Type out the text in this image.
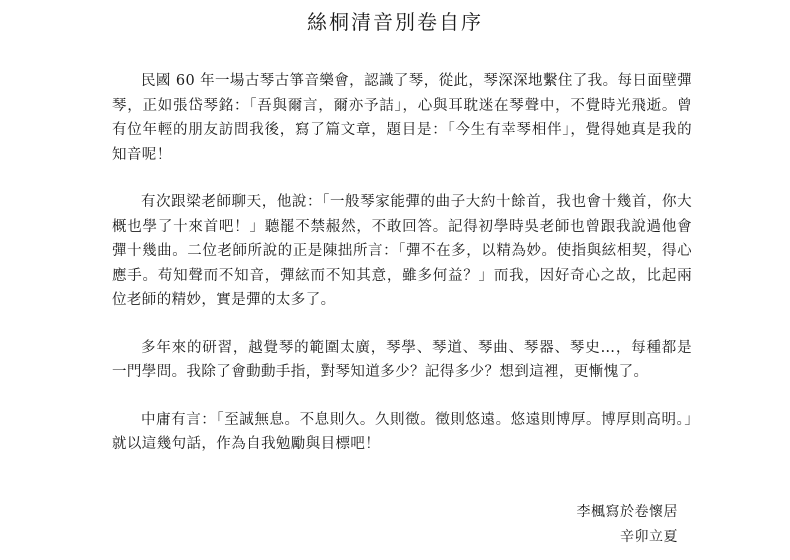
絲桐清音別卷自序

民國 60 年一場古琴古箏音樂會，認識了琴，從此，琴深深地繫住了我。每日面壁彈琴，正如張岱琴銘：「吾與爾言，爾亦予詰」，心與耳耽迷在琴聲中，不覺時光飛逝。曾有位年輕的朋友訪問我後，寫了篇文章，題目是：「今生有幸琴相伴」，覺得她真是我的知音呢！

有次跟梁老師聊天，他說：「一般琴家能彈的曲子大約十餘首，我也會十幾首，你大概也學了十來首吧！」聽罷不禁赧然，不敢回答。記得初學時吳老師也曾跟我說過他會彈十幾曲。二位老師所說的正是陳拙所言：「彈不在多，以精為妙。使指與絃相契，得心應手。苟知聲而不知音，彈絃而不知其意，雖多何益？」而我，因好奇心之故，比起兩位老師的精妙，實是彈的太多了。

多年來的研習，越覺琴的範圍太廣，琴學、琴道、琴曲、琴器、琴史…，每種都是一門學問。我除了會動動手指，對琴知道多少？記得多少？想到這裡，更慚愧了。

中庸有言：「至誠無息。不息則久。久則徵。徵則悠遠。悠遠則博厚。博厚則高明。」就以這幾句話，作為自我勉勵與目標吧！

李楓寫於卷懷居
辛卯立夏
